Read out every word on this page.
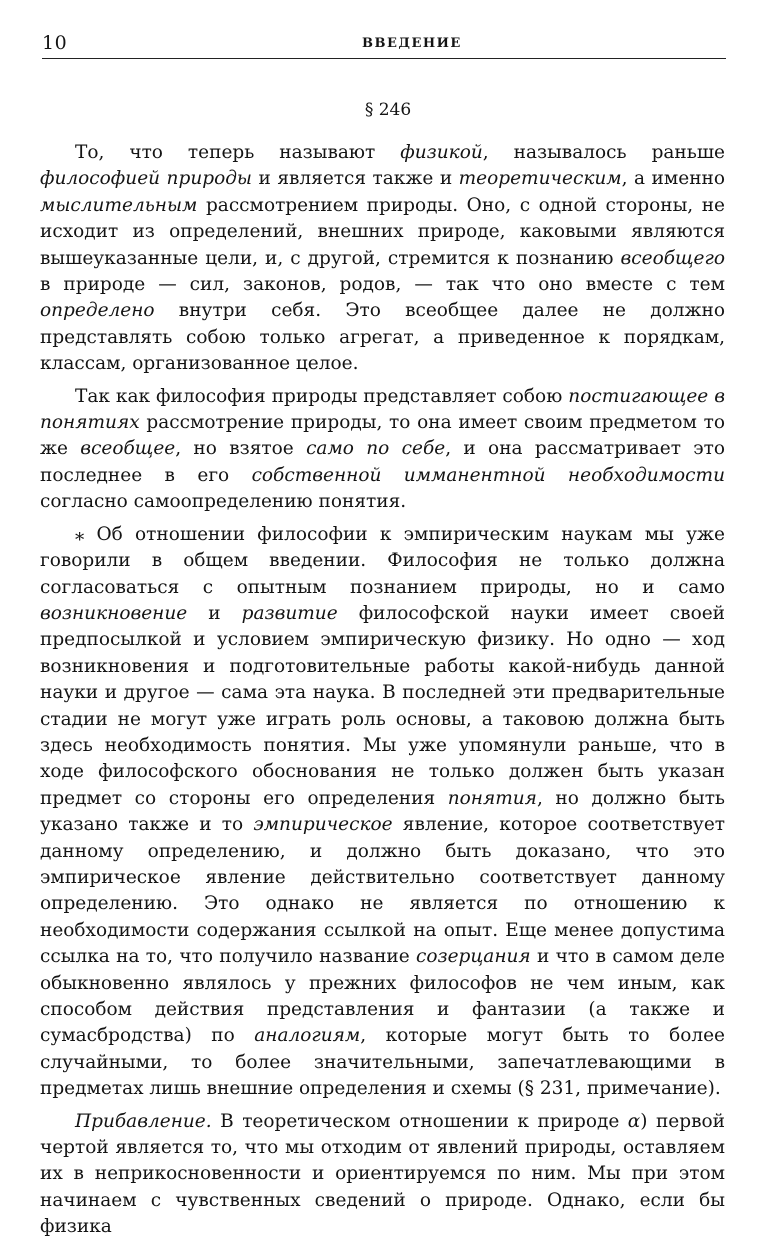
10	ВВЕДЕНИЕ
§ 246

То, что теперь называют физикой, называлось раньше философией природы и является также и теоретическим, а именно мыслительным рассмотрением природы. Оно, с одной стороны, не исходит из определений, внешних природе, каковыми являются вышеуказанные цели, и, с другой, стремится к познанию всеобщего в природе — сил, законов, родов, — так что оно вместе с тем определено внутри себя. Это всеобщее далее не должно представлять собою только агрегат, а приведенное к порядкам, классам, организованное целое.

Так как философия природы представляет собою постигающее в понятиях рассмотрение природы, то она имеет своим предметом то же всеобщее, но взятое само по себе, и она рассматривает это последнее в его собственной имманентной необходимости согласно самоопределению понятия.

⁎ Об отношении философии к эмпирическим наукам мы уже говорили в общем введении. Философия не только должна согласоваться с опытным познанием природы, но и само возникновение и развитие философской науки имеет своей предпосылкой и условием эмпирическую физику. Но одно — ход возникновения и подготовительные работы какой-нибудь данной науки и другое — сама эта наука. В последней эти предварительные стадии не могут уже играть роль основы, а таковою должна быть здесь необходимость понятия. Мы уже упомянули раньше, что в ходе философского обоснования не только должен быть указан предмет со стороны его определения понятия, но должно быть указано также и то эмпирическое явление, которое соответствует данному определению, и должно быть доказано, что это эмпирическое явление действительно соответствует данному определению. Это однако не является по отношению к необходимости содержания ссылкой на опыт. Еще менее допустима ссылка на то, что получило название созерцания и что в самом деле обыкновенно являлось у прежних философов не чем иным, как способом действия представления и фантазии (а также и сумасбродства) по аналогиям, которые могут быть то более случайными, то более значительными, запечатлевающими в предметах лишь внешние определения и схемы (§ 231, примечание).

Прибавление. В теоретическом отношении к природе α) первой чертой является то, что мы отходим от явлений природы, оставляем их в неприкосновенности и ориентируемся по ним. Мы при этом начинаем с чувственных сведений о природе. Однако, если бы физика
